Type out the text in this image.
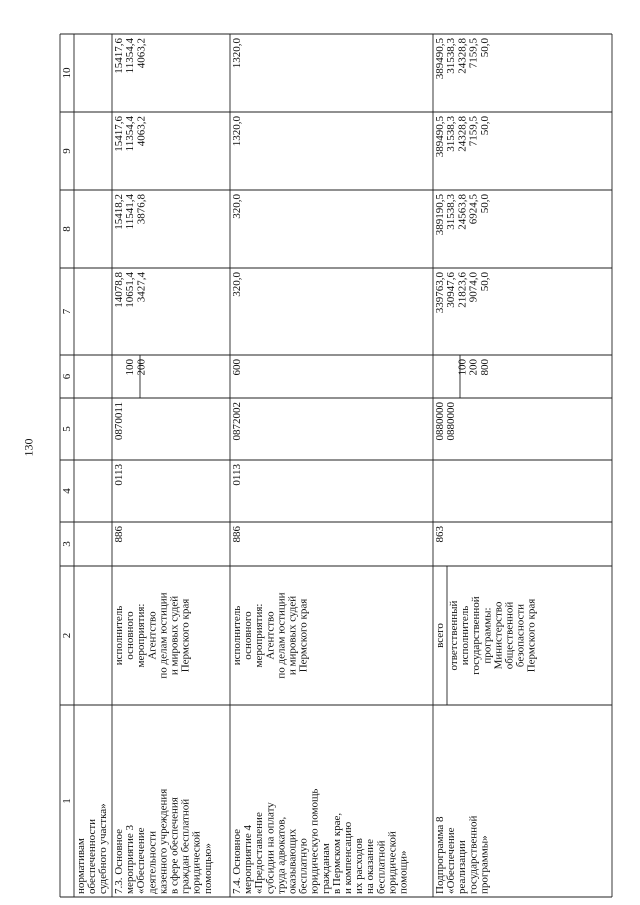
130
1
2
3
4
5
6
7
8
9
10
нормативам обеспеченности судебного участка» 7.3. Основное мероприятие 3 «Обеспечение деятельности казенного учреждения в сфере обеспечения граждан бесплатной юридической помощью»
исполнитель основного мероприятия: Агентство по делам юстиции и мировых судей Пермского края
886
0113
0870011
100 200
14078,8 10651,4 3427,4
15418,2 11541,4 3876,8
15417,6 11354,4 4063,2
15417,6 11354,4 4063,2
7.4. Основное мероприятие 4 «Предоставление субсидии на оплату труда адвокатов, оказывающих бесплатную юридическую помощь гражданам в Пермском крае, и компенсацию их расходов на оказание бесплатной юридической помощи»
исполнитель основного мероприятия: Агентство по делам юстиции и мировых судей Пермского края
886
0113
0872002
600
320,0
320,0
1320,0
1320,0
Подпрограмма 8 «Обеспечение реализации государственной программы»
всего ответственный исполнитель государственной программы: Министерство общественной безопасности Пермского края
863
0880000 0880000
100 200 800
339763,0 30947,6 21823,6 9074,0 50,0
389190,5 31538,3 24563,8 6924,5 50,0
389490,5 31538,3 24328,8 7159,5 50,0
389490,5 31538,3 24328,8 7159,5 50,0
